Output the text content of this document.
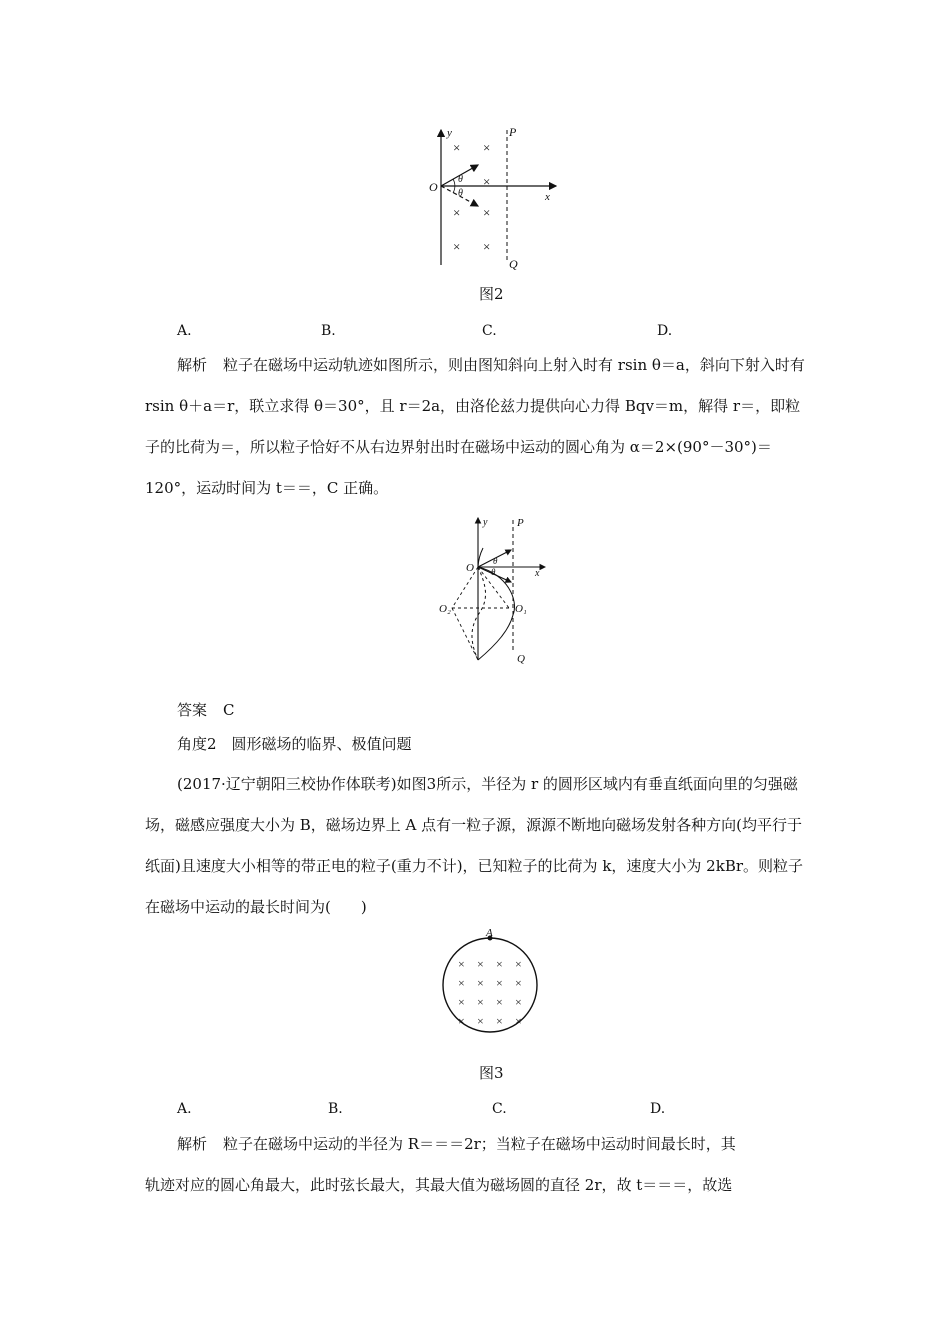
y
x
O
P
Q
θ
θ
× ×
×
× ×
× ×
图2
A.	B.	C.	D.
解析 粒子在磁场中运动轨迹如图所示，则由图知斜向上射入时有 rsin θ＝a，斜向下射入时有 rsin θ＋a＝r，联立求得 θ＝30°，且 r＝2a，由洛伦兹力提供向心力得 Bqv＝m，解得 r＝，即粒子的比荷为＝，所以粒子恰好不从右边界射出时在磁场中运动的圆心角为 α＝2×(90°－30°)＝120°，运动时间为 t＝＝，C 正确。
y
x
O
P
Q
O₁
O₂
θ
θ
答案 C
角度2　圆形磁场的临界、极值问题
(2017·辽宁朝阳三校协作体联考)如图3所示，半径为 r 的圆形区域内有垂直纸面向里的匀强磁场，磁感应强度大小为 B，磁场边界上 A 点有一粒子源，源源不断地向磁场发射各种方向(均平行于纸面)且速度大小相等的带正电的粒子(重力不计)，已知粒子的比荷为 k，速度大小为 2kBr。则粒子在磁场中运动的最长时间为(　　)
A
× × × ×
× × × ×
× × × ×
× × × ×
图3
A.	B.	C.	D.
解析 粒子在磁场中运动的半径为 R＝＝＝2r；当粒子在磁场中运动时间最长时，其
轨迹对应的圆心角最大，此时弦长最大，其最大值为磁场圆的直径 2r，故 t＝＝＝，故选
